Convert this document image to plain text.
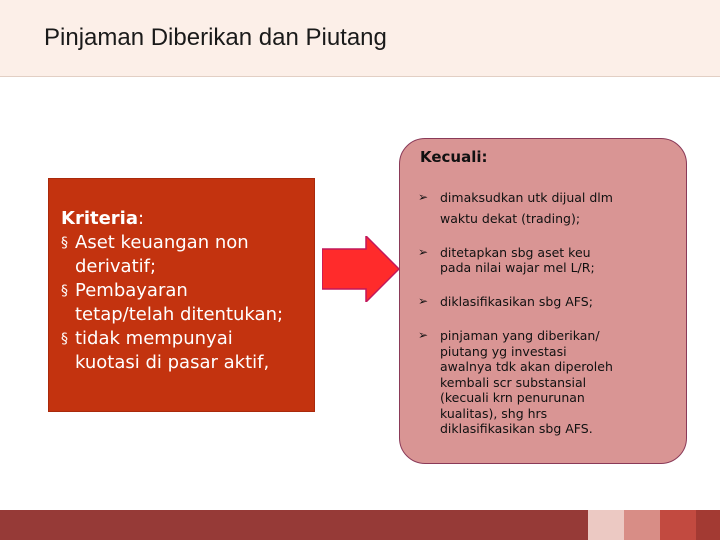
Pinjaman Diberikan dan Piutang
Kriteria:
§ Aset keuangan non
derivatif;
§ Pembayaran
tetap/telah ditentukan;
§ tidak mempunyai
kuotasi di pasar aktif,
Kecuali:
➢ dimaksudkan utk dijual dlm
waktu dekat (trading);
➢ ditetapkan sbg aset keu
pada nilai wajar mel L/R;
➢ diklasifikasikan sbg AFS;
➢ pinjaman yang diberikan/
piutang yg investasi
awalnya tdk akan diperoleh
kembali scr substansial
(kecuali krn penurunan
kualitas), shg hrs
diklasifikasikan sbg AFS.
